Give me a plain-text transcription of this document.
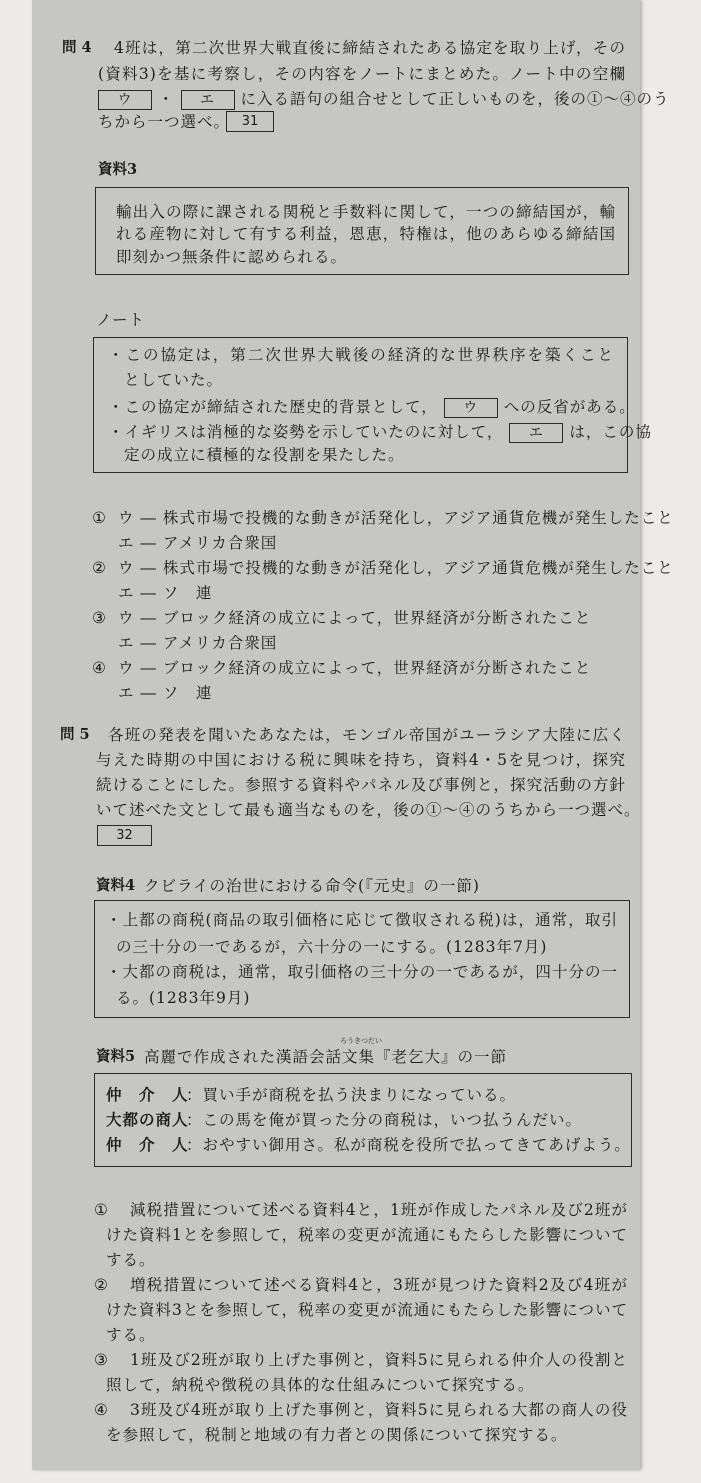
問 4 4班は，第二次世界大戦直後に締結されたある協定を取り上げ，その
(資料3)を基に考察し，その内容をノートにまとめた。ノート中の空欄
ウ ・ エ に入る語句の組合せとして正しいものを，後の①～④のう
ちから一つ選べ。 31
資料3
輸出入の際に課される関税と手数料に関して，一つの締結国が，輸
れる産物に対して有する利益，恩恵，特権は，他のあらゆる締結国
即刻かつ無条件に認められる。
ノート
・この協定は，第二次世界大戦後の経済的な世界秩序を築くこと
としていた。
・この協定が締結された歴史的背景として， ウ への反省がある。
・イギリスは消極的な姿勢を示していたのに対して， エ は，この協
定の成立に積極的な役割を果たした。
① ウ ― 株式市場で投機的な動きが活発化し，アジア通貨危機が発生したこと
エ ― アメリカ合衆国
② ウ ― 株式市場で投機的な動きが活発化し，アジア通貨危機が発生したこと
エ ― ソ　連
③ ウ ― ブロック経済の成立によって，世界経済が分断されたこと
エ ― アメリカ合衆国
④ ウ ― ブロック経済の成立によって，世界経済が分断されたこと
エ ― ソ　連
問 5 各班の発表を聞いたあなたは，モンゴル帝国がユーラシア大陸に広く
与えた時期の中国における税に興味を持ち，資料4・5を見つけ，探究
続けることにした。参照する資料やパネル及び事例と，探究活動の方針
いて述べた文として最も適当なものを，後の①～④のうちから一つ選べ。
32
資料4 クビライの治世における命令(『元史』の一節)
・上都の商税(商品の取引価格に応じて徴収される税)は，通常，取引
の三十分の一であるが，六十分の一にする。(1283年7月)
・大都の商税は，通常，取引価格の三十分の一であるが，四十分の一
る。(1283年9月)
資料5 高麗で作成された漢語会話文集『老乞大』の一節
ろうきつだい
仲　介　人
：買い手が商税を払う決まりになっている。
大都の商人
：この馬を俺が買った分の商税は，いつ払うんだい。
仲　介　人
：おやすい御用さ。私が商税を役所で払ってきてあげよう。
① 減税措置について述べる資料4と，1班が作成したパネル及び2班が
けた資料1とを参照して，税率の変更が流通にもたらした影響について
する。
② 増税措置について述べる資料4と，3班が見つけた資料2及び4班が
けた資料3とを参照して，税率の変更が流通にもたらした影響について
する。
③ 1班及び2班が取り上げた事例と，資料5に見られる仲介人の役割と
照して，納税や徴税の具体的な仕組みについて探究する。
④ 3班及び4班が取り上げた事例と，資料5に見られる大都の商人の役
を参照して，税制と地域の有力者との関係について探究する。
